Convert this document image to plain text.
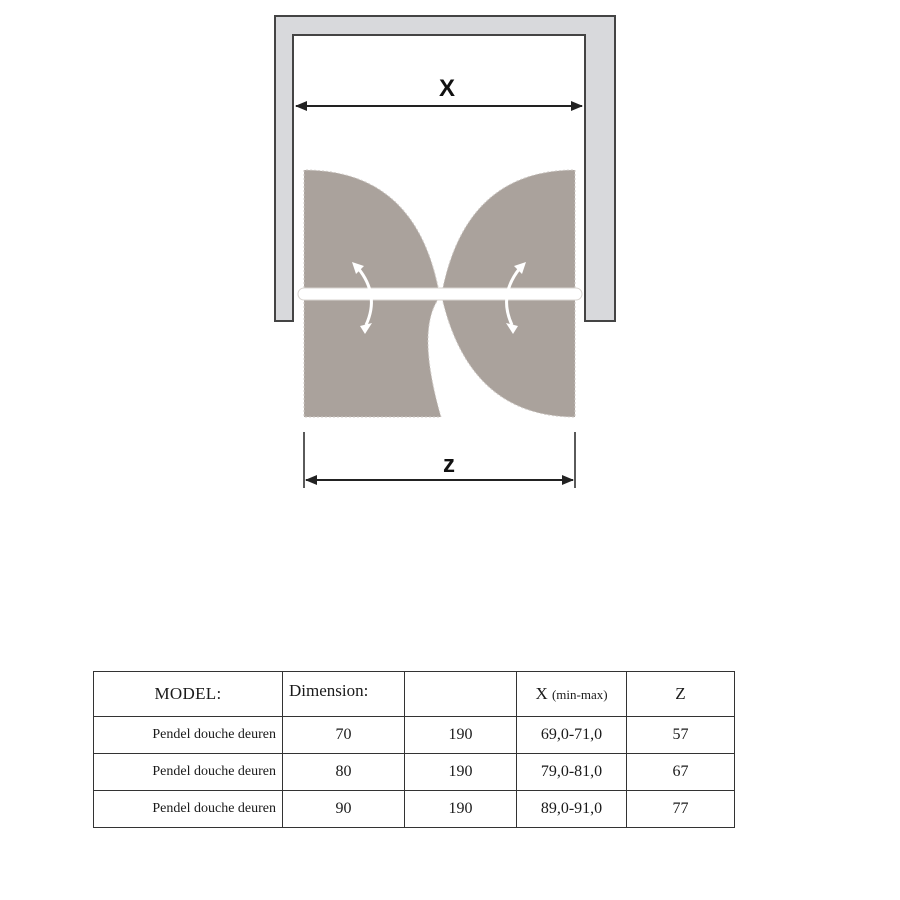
X
z
MODEL:	Dimension:		X (min-max)	Z
Pendel douche deuren	70	190	69,0-71,0	57
Pendel douche deuren	80	190	79,0-81,0	67
Pendel douche deuren	90	190	89,0-91,0	77
